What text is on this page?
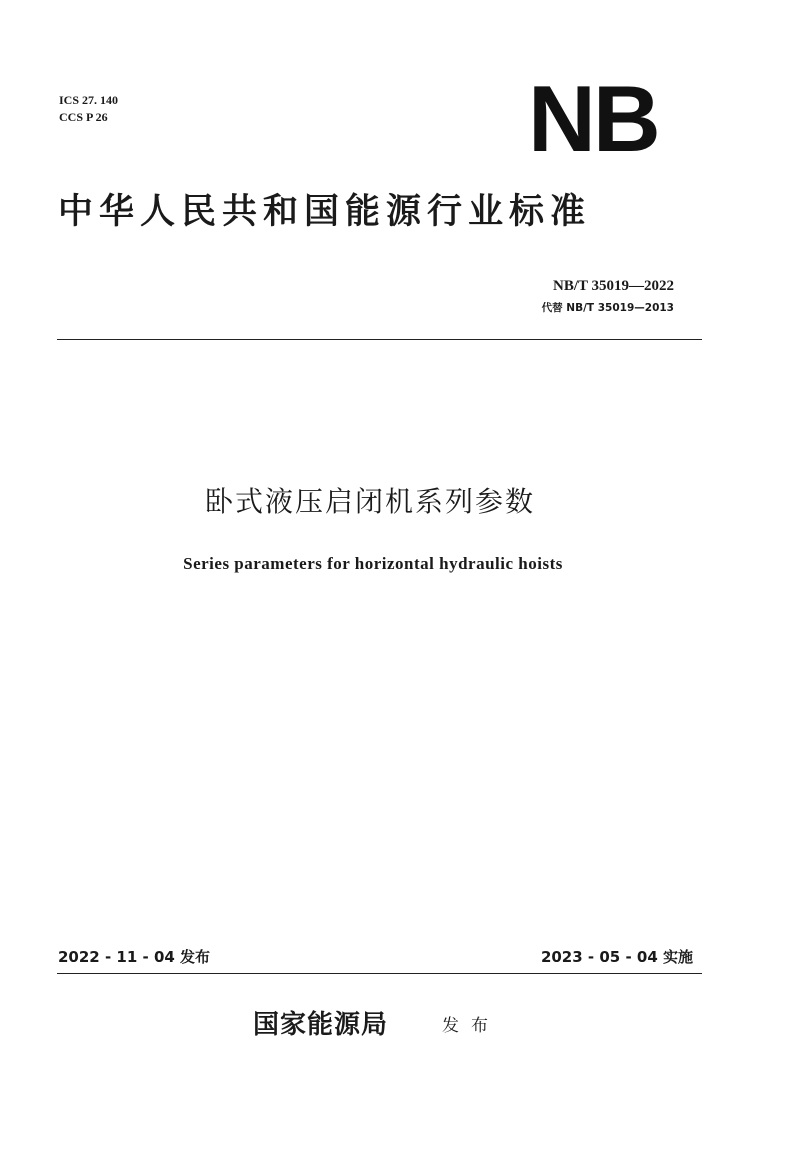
ICS 27. 140
CCS P 26	NB
中华人民共和国能源行业标准
NB/T 35019—2022
代替 NB/T 35019—2013
卧式液压启闭机系列参数
Series parameters for horizontal hydraulic hoists
2022 - 11 - 04 发布	2023 - 05 - 04 实施
国家能源局	发布
